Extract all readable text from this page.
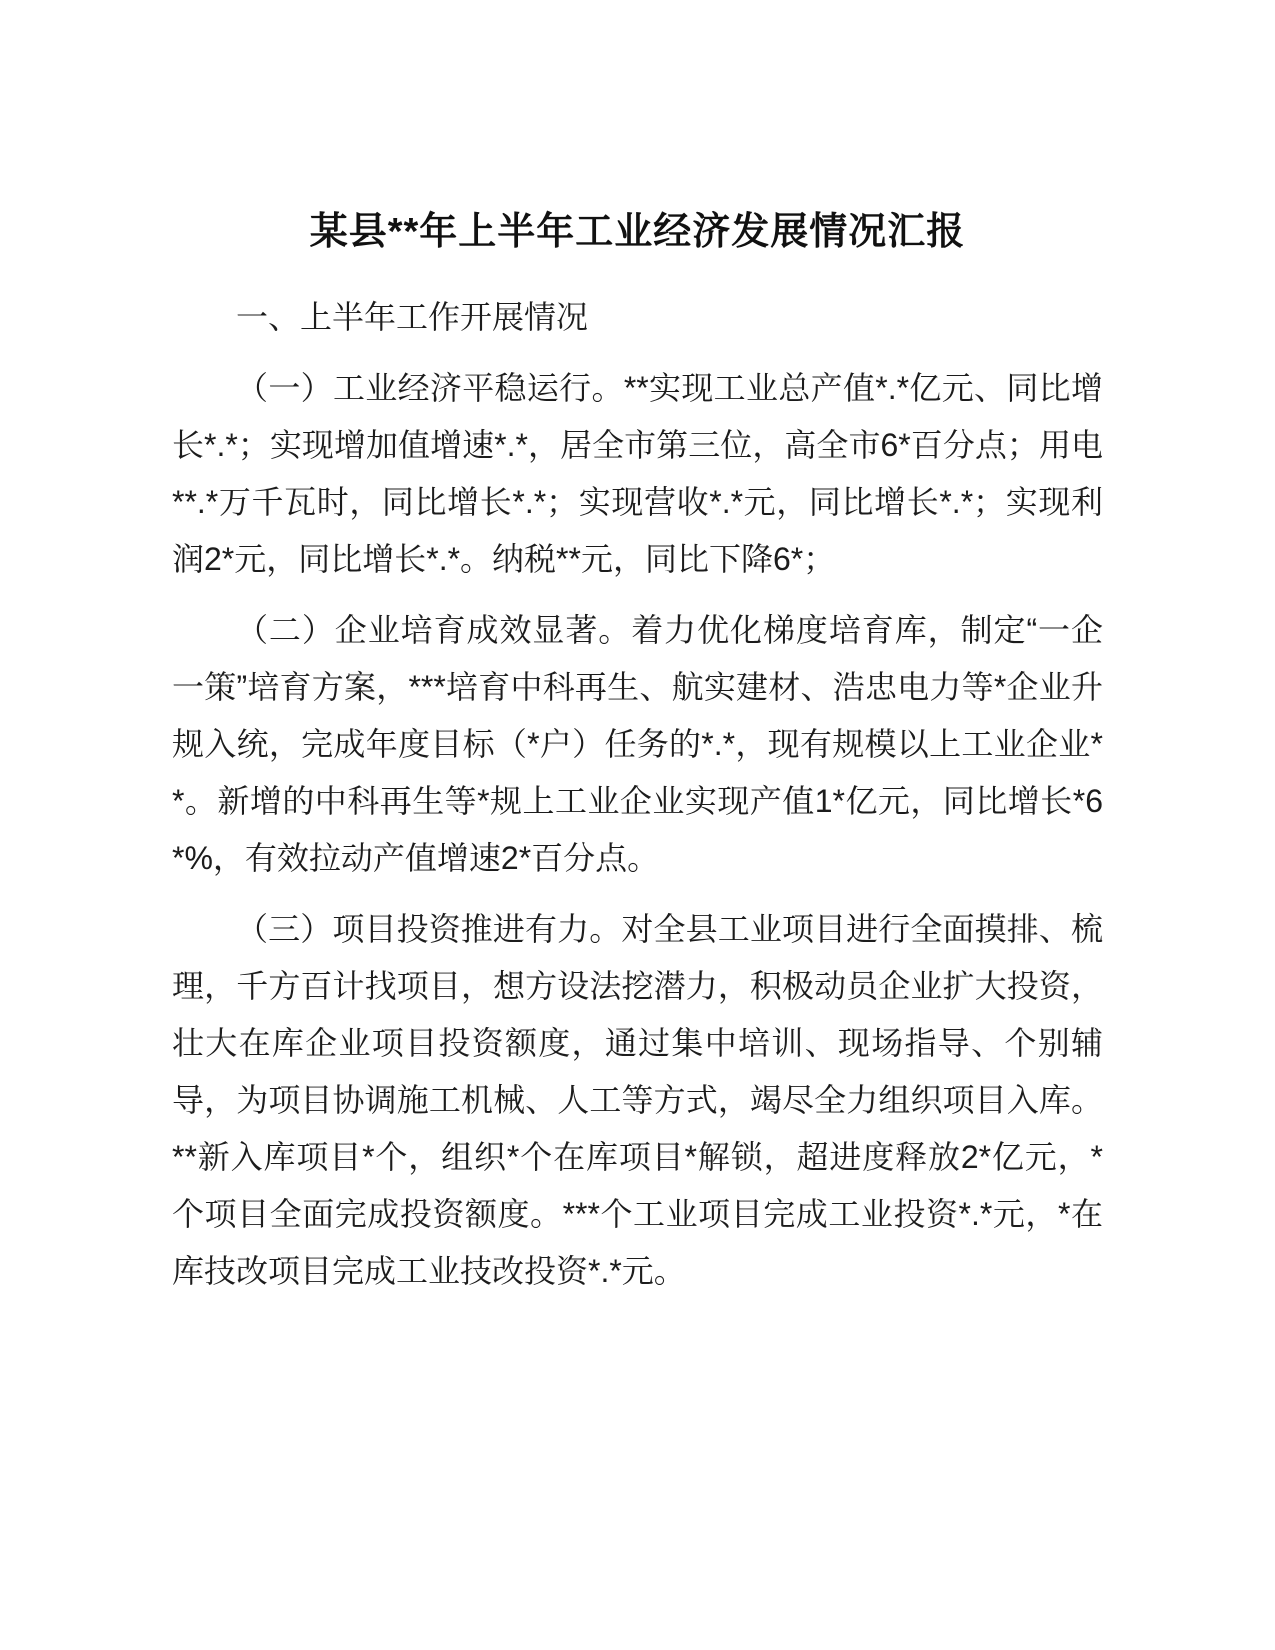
某县**年上半年工业经济发展情况汇报
一、上半年工作开展情况

（一）工业经济平稳运行。**实现工业总产值*.*亿元、同比增长*.*；实现增加值增速*.*，居全市第三位，高全市6*百分点；用电**.*万千瓦时，同比增长*.*；实现营收*.*元，同比增长*.*；实现利润2*元，同比增长*.*。纳税**元，同比下降6*；

（二）企业培育成效显著。着力优化梯度培育库，制定“一企一策”培育方案，***培育中科再生、航实建材、浩忠电力等*企业升规入统，完成年度目标（*户）任务的*.*，现有规模以上工业企业**。新增的中科再生等*规上工业企业实现产值1*亿元，同比增长*6*%，有效拉动产值增速2*百分点。

（三）项目投资推进有力。对全县工业项目进行全面摸排、梳理，千方百计找项目，想方设法挖潜力，积极动员企业扩大投资，壮大在库企业项目投资额度，通过集中培训、现场指导、个别辅导，为项目协调施工机械、人工等方式，竭尽全力组织项目入库。**新入库项目*个，组织*个在库项目*解锁，超进度释放2*亿元，*个项目全面完成投资额度。***个工业项目完成工业投资*.*元，*在库技改项目完成工业技改投资*.*元。
